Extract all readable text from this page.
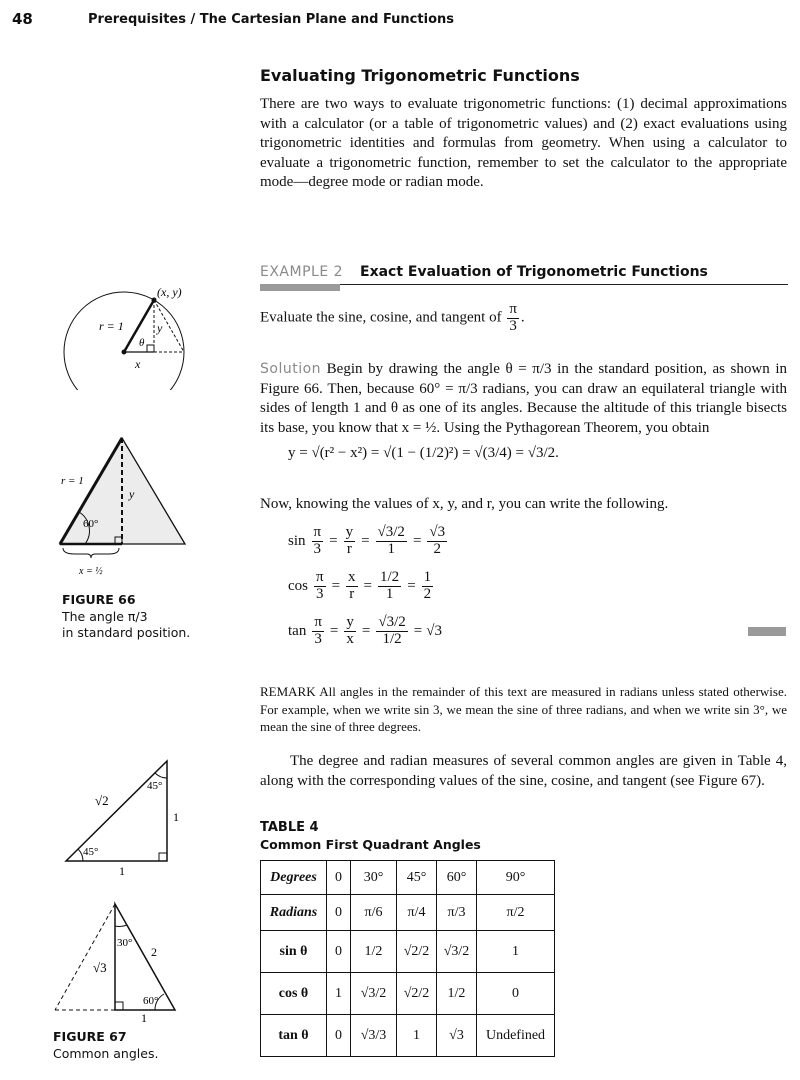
48	Prerequisites / The Cartesian Plane and Functions
Evaluating Trigonometric Functions
There are two ways to evaluate trigonometric functions: (1) decimal approximations with a calculator (or a table of trigonometric values) and (2) exact evaluations using trigonometric identities and formulas from geometry. When using a calculator to evaluate a trigonometric function, remember to set the calculator to the appropriate mode—degree mode or radian mode.
EXAMPLE 2 Exact Evaluation of Trigonometric Functions
Evaluate the sine, cosine, and tangent of $\frac{\pi}{3}$ .
Solution Begin by drawing the angle θ = π/3 in the standard position, as shown in Figure 66. Then, because 60° = π/3 radians, you can draw an equilateral triangle with sides of length 1 and θ as one of its angles. Because the altitude of this triangle bisects its base, you know that x = ½. Using the Pythagorean Theorem, you obtain
y = √(r² − x²) = √(1 − (1/2)²) = √(3/4) = √3/2.
Now, knowing the values of x, y, and r, you can write the following.
$\sin \frac{\pi}{3} = \frac{y}{r} = \frac{√3/2}{1} = \frac{√3}{2}$
$\cos \frac{\pi}{3} = \frac{x}{r} = \frac{1/2}{1} = \frac{1}{2}$
$\tan \frac{\pi}{3} = \frac{y}{x} = \frac{√3/2}{1/2} = √3$
REMARK All angles in the remainder of this text are measured in radians unless stated otherwise. For example, when we write sin 3, we mean the sine of three radians, and when we write sin 3°, we mean the sine of three degrees.
The degree and radian measures of several common angles are given in Table 4, along with the corresponding values of the sine, cosine, and tangent (see Figure 67).
TABLE 4
Common First Quadrant Angles
Degrees	0	30°	45°	60°	90°
Radians	0	π/6	π/4	π/3	π/2
sin θ	0	1/2	√2/2	√3/2	1
cos θ	1	√3/2	√2/2	1/2	0
tan θ	0	√3/3	1	√3	Undefined
(x, y)
r = 1	y
x
θ
60°
r = 1
y
x = ½
FIGURE 66
The angle π/3
in standard position.
45°
45°
√2
1
1
30°
60°
√3
2
1
FIGURE 67
Common angles.
